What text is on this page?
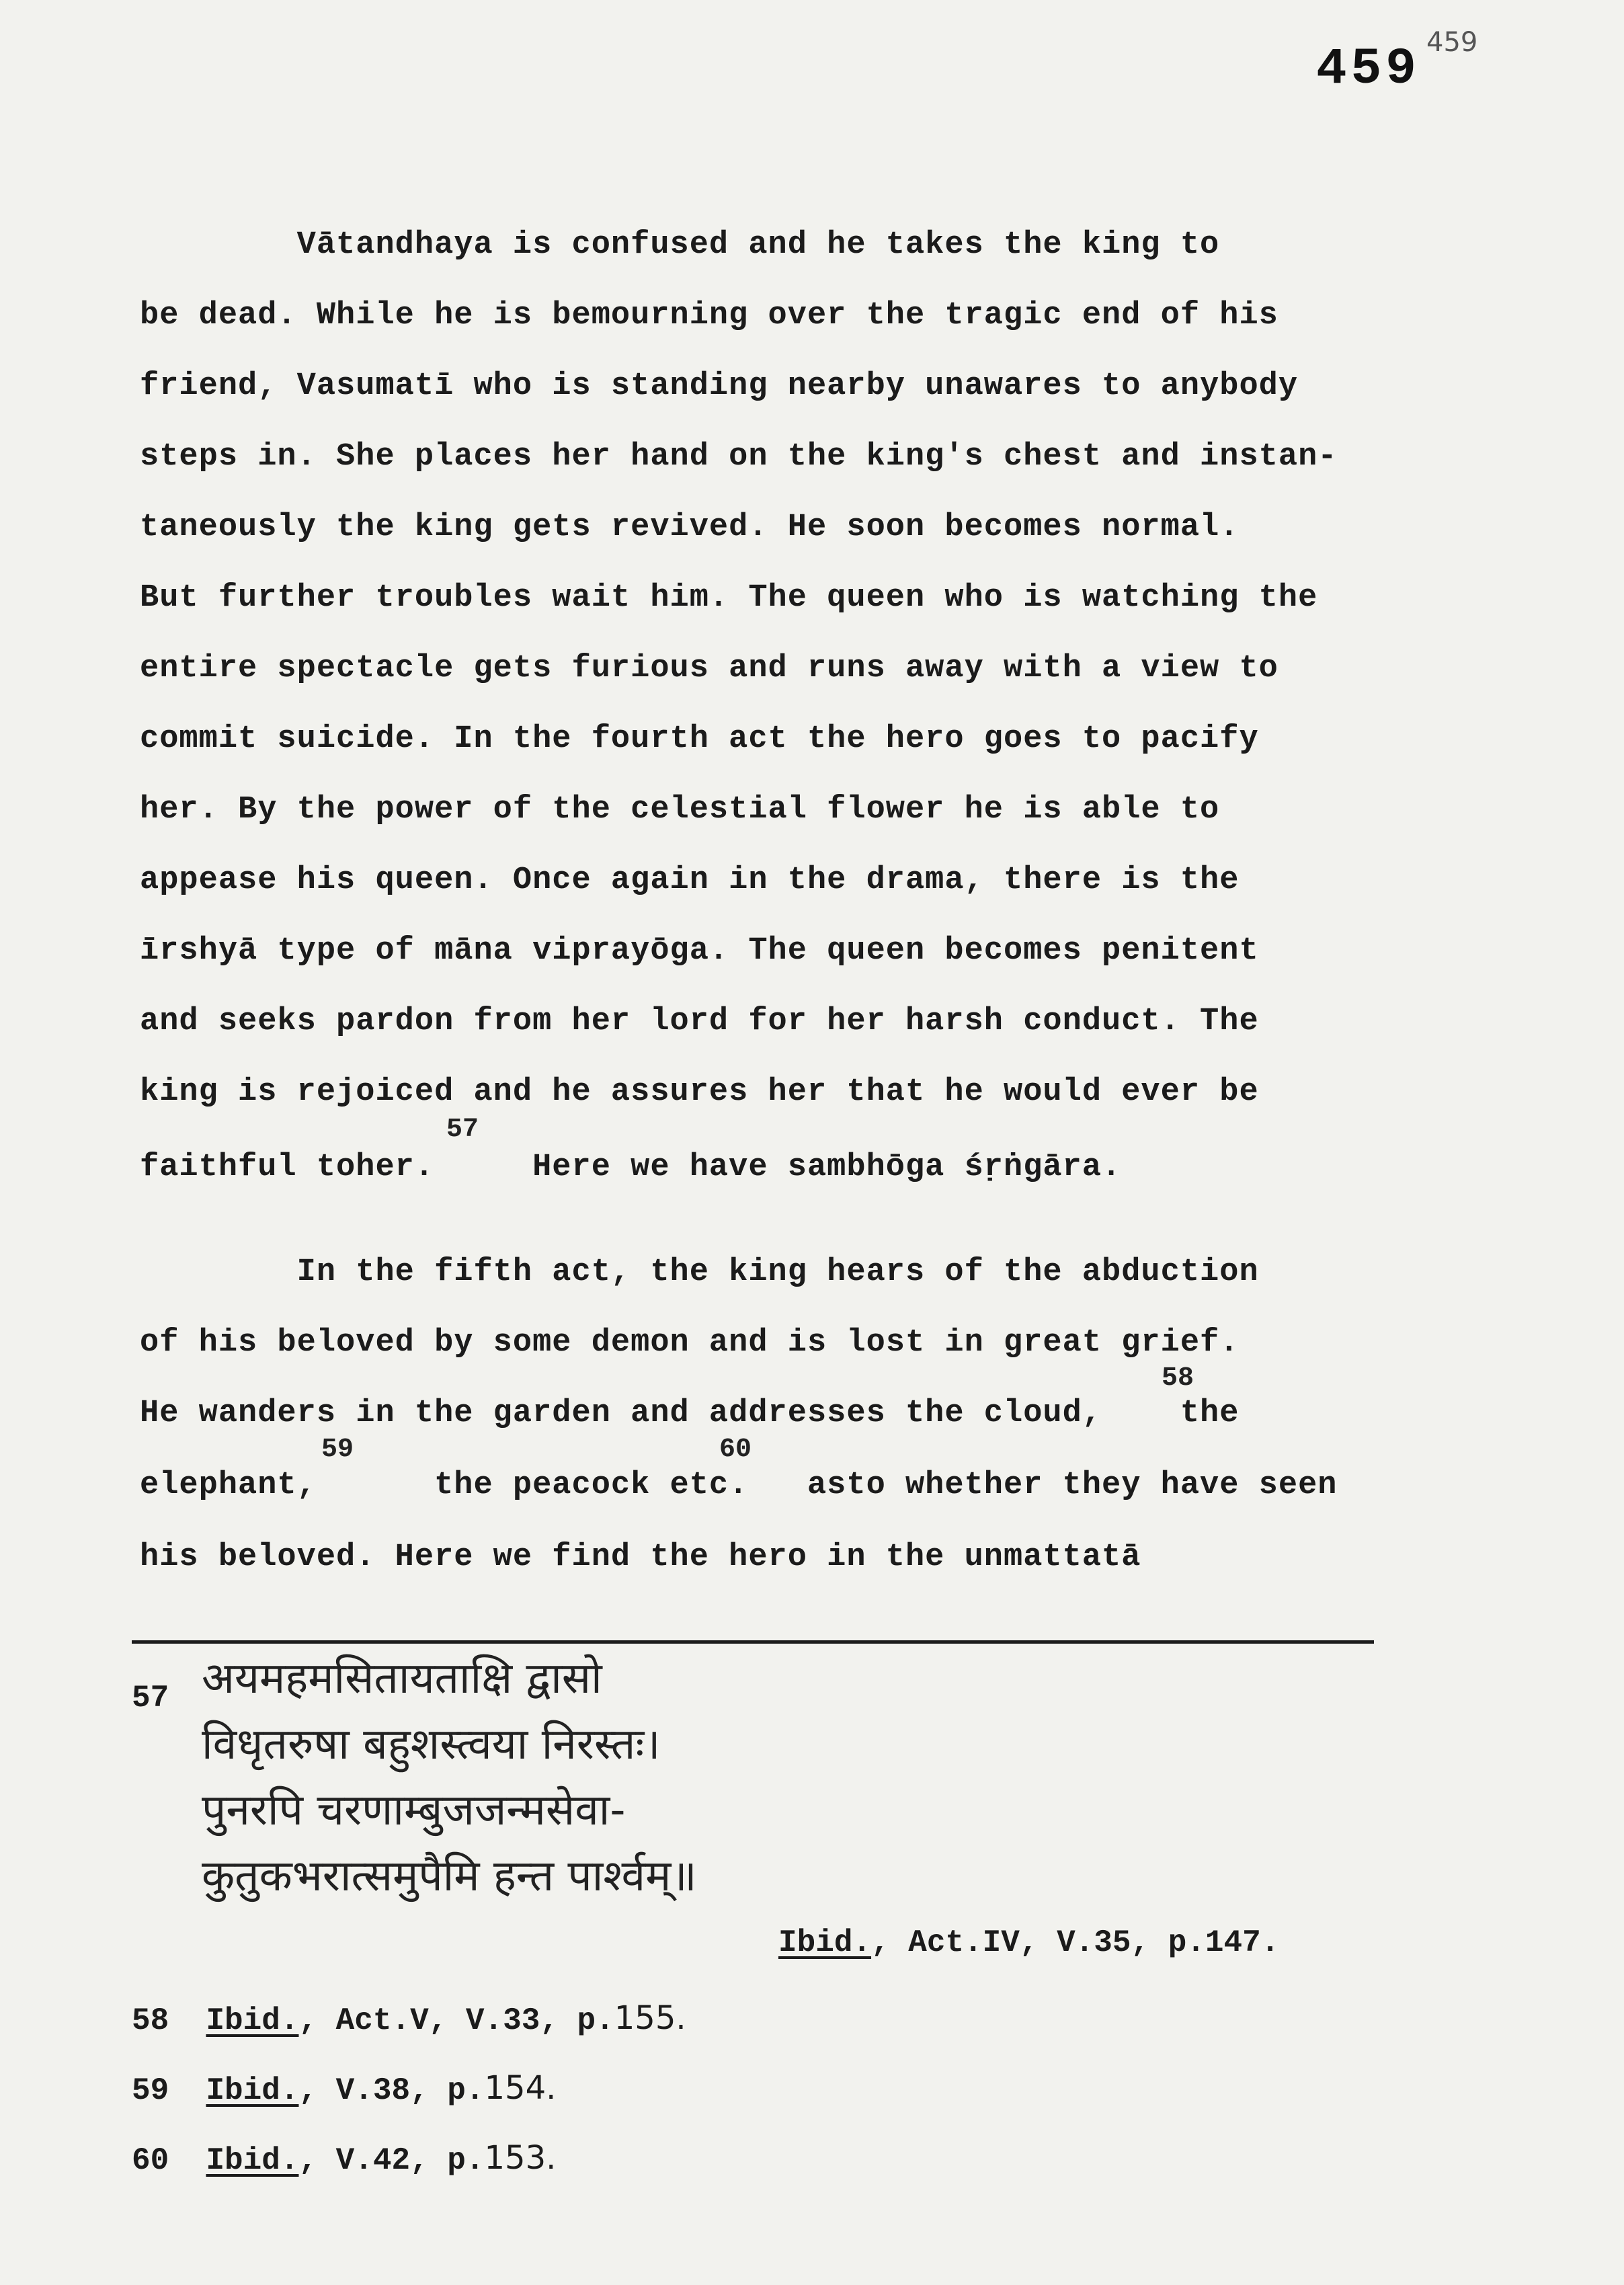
459
459
Vātandhaya is confused and he takes the king to
be dead. While he is bemourning over the tragic end of his
friend, Vasumatī who is standing nearby unawares to anybody
steps in. She places her hand on the king's chest and instan-
taneously the king gets revived. He soon becomes normal.
But further troubles wait him. The queen who is watching the
entire spectacle gets furious and runs away with a view to
commit suicide. In the fourth act the hero goes to pacify
her. By the power of the celestial flower he is able to
appease his queen. Once again in the drama, there is the
īrshyā type of māna viprayōga. The queen becomes penitent
and seeks pardon from her lord for her harsh conduct. The
king is rejoiced and he assures her that he would ever be
faithful toher.     Here we have sambhōga śṛṅgāra.
57
In the fifth act, the king hears of the abduction
of his beloved by some demon and is lost in great grief.
He wanders in the garden and addresses the cloud,    the
elephant,      the peacock etc.   asto whether they have seen
his beloved. Here we find the hero in the unmattatā
58
59	60
57 अयमहमसितायताक्षि द्वासो
विधृतरुषा बहुशस्त्वया निरस्तः।
पुनरपि चरणाम्बुजजन्मसेवा-
कुतुकभरात्समुपैमि हन्त पार्श्वम्॥
Ibid., Act.IV, V.35, p.147.
58 Ibid., Act.V, V.33, p.155.
59 Ibid., V.38, p.154.
60 Ibid., V.42, p.153.
